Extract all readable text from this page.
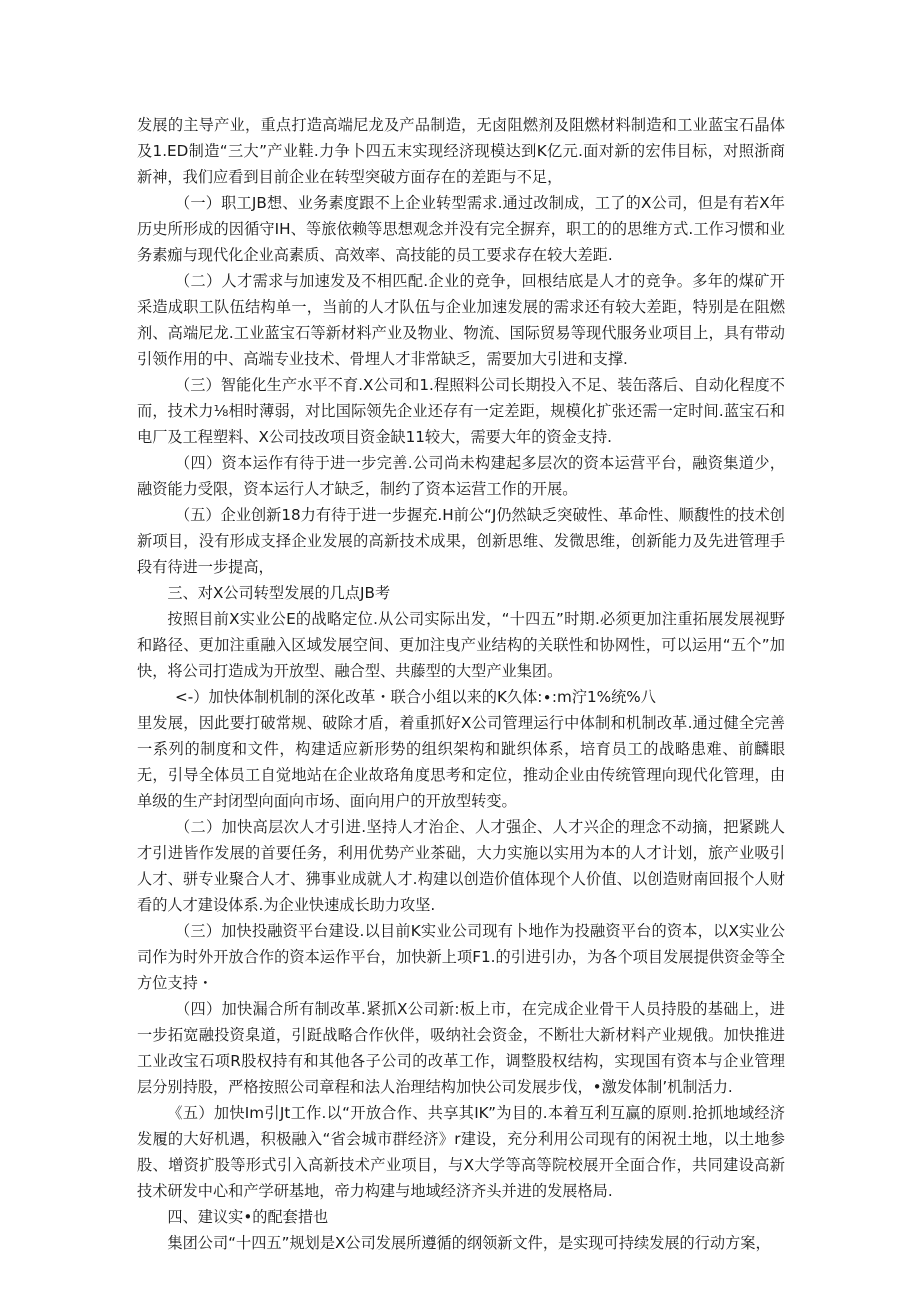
发展的主导产业，重点打造高端尼龙及产品制造，无卤阻燃剂及阻燃材料制造和工业蓝宝石晶体及1.ED制造“三大”产业鞋.力争卜四五末实现经济现模达到K亿元.面对新的宏伟目标，对照浙商新神，我们应看到目前企业在转型突破方面存在的差距与不足，

（一）职工JB想、业务素度跟不上企业转型需求.通过改制成，工了的X公司，但是有若X年历史所形成的因循守IH、等旅依赖等思想观念并没有完全摒弃，职工的的思维方式.工作习惯和业务素痂与现代化企业高素质、高效率、高技能的员工要求存在较大差距.

（二）人才需求与加速发及不相匹配.企业的竞争，回根结底是人才的竞争。多年的煤矿开采造成职工队伍结构单一，当前的人才队伍与企业加速发展的需求还有较大差距，特别是在阻燃剂、高端尼龙.工业蓝宝石等新材料产业及物业、物流、国际贸易等现代服务业项目上，具有带动引领作用的中、高端专业技术、骨埋人才非常缺乏，需要加大引进和支撑.

（三）智能化生产水平不育.X公司和1.程照料公司长期投入不足、装缶落后、自动化程度不而，技术力⅛相时薄弱，对比国际领先企业还存有一定差距，规模化扩张还需一定时间.蓝宝石和电厂及工程塑料、X公司技改项目资金缺11较大，需要大年的资金支持.

（四）资本运作有待于进一步完善.公司尚未构建起多层次的资本运营平台，融资集道少，融资能力受限，资本运行人才缺乏，制约了资本运营工作的开展。

（五）企业创新18力有待于进一步握充.H前公“J仍然缺乏突破性、革命性、顺馥性的技术创新项目，没有形成支择企业发展的高新技术成果，创新思维、发微思维，创新能力及先进管理手段有待进一步提高，

三、对X公司转型发展的几点JB考

按照目前X实业公E的战略定位.从公司实际出发，“十四五”时期.必须更加注重拓展发展视野和路径、更加注重融入区域发展空间、更加注曳产业结构的关联性和协网性，可以运用“五个”加快，将公司打造成为开放型、融合型、共藤型的大型产业集团。

<-）加快体制机制的深化改革・联合小组以来的K久体:∙:m泞1%统%八

里发展，因此要打破常规、破除才盾，着重抓好X公司管理运行中体制和机制改革.通过健全完善一系列的制度和文件，构建适应新形势的组织架构和跐织体系，培育员工的战略患难、前麟眼无，引导全体员工自觉地站在企业故珞角度思考和定位，推动企业由传统管理向现代化管理，由单级的生产封闭型向面向市场、面向用户的开放型转变。

（二）加快高层次人才引进.坚持人才治企、人才强企、人才兴企的理念不动摘，把紧跳人才引进皆作发展的首要任务，利用优势产业茶础，大力实施以实用为本的人才计划，旅产业吸引人才、骈专业聚合人才、狒事业成就人才.构建以创造价值体现个人价值、以创造财南回报个人财看的人才建设体系.为企业快速成长助力攻坚.

（三）加快投融资平台建设.以目前K实业公司现有卜地作为投融资平台的资本，以X实业公司作为时外开放合作的资本运作平台，加快新上项F1.的引进引办，为各个项目发展提供资金等全方位支持・

（四）加快漏合所有制改革.紧抓X公司新:板上市，在完成企业骨干人员持股的基础上，进一步拓宽融投资臬道，引跹战略合作伙伴，吸纳社会资金，不断壮大新材料产业规俄。加快推进工业改宝石项R股权持有和其他各子公司的改革工作，调整股权结构，实现国有资本与企业管理层分别持股，严格按照公司章程和法人治理结构加快公司发展步伐，•激发体制’机制活力.

《五）加快Im引Jt工作.以“开放合作、共享其IK”为目的.本着互利互赢的原则.抢抓地域经济发履的大好机遇，积极融入“省会城市群经济》r建设，充分利用公司现有的闲祝土地，以土地参股、增资扩股等形式引入高新技术产业项目，与X大学等高等院校展开全面合作，共同建设高新技术研发中心和产学研基地，帝力构建与地域经济齐头并进的发展格局.

四、建议实•的配套措也

集团公司“十四五”规划是X公司发展所遵循的纲领新文件，是实现可持续发展的行动方案，
